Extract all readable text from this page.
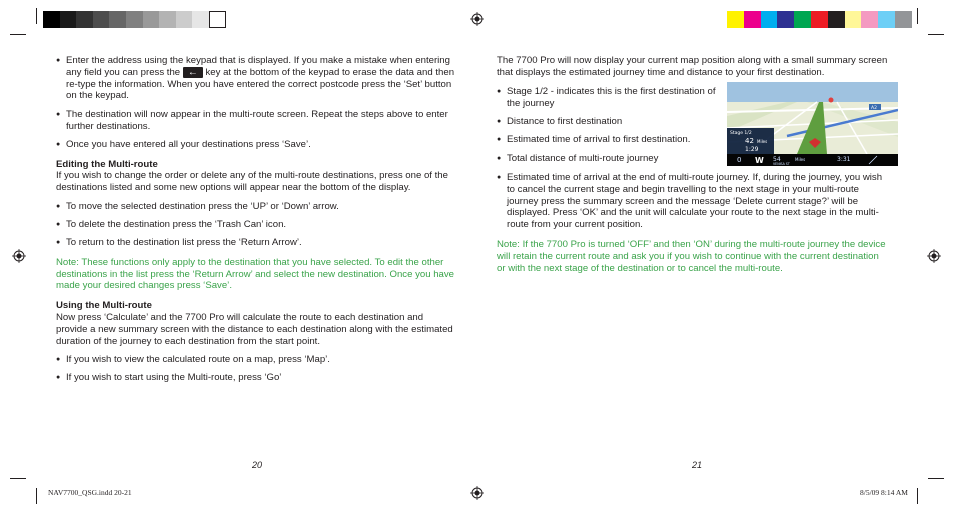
● Enter the address using the keypad that is displayed. If you make a mistake when entering any field you can press the ← key at the bottom of the keypad to erase the data and then re-type the information. When you have entered the correct postcode press the ‘Set’ button on the keypad.

● The destination will now appear in the multi-route screen. Repeat the steps above to enter further destinations.

● Once you have entered all your destinations press ‘Save’.

Editing the Multi-route

If you wish to change the order or delete any of the multi-route destinations, press one of the destinations listed and some new options will appear near the bottom of the display.

● To move the selected destination press the ‘UP’ or ‘Down’ arrow.

● To delete the destination press the ‘Trash Can’ icon.

● To return to the destination list press the ‘Return Arrow’.

Note: These functions only apply to the destination that you have selected. To edit the other destinations in the list press the ‘Return Arrow’ and select the new destination. Once you have made your desired changes press ‘Save’.

Using the Multi-route

Now press ‘Calculate’ and the 7700 Pro will calculate the route to each destination and provide a new summary screen with the distance to each destination along with the estimated duration of the journey to each destination from the start point.

● If you wish to view the calculated route on a map, press ‘Map’.

● If you wish to start using the Multi-route, press ‘Go’

20

The 7700 Pro will now display your current map position along with a small summary screen that displays the estimated journey time and distance to your first destination.

● Stage 1/2 - indicates this is the first destination of the journey

● Distance to first destination

● Estimated time of arrival to first destination.

● Total distance of multi-route journey

● Estimated time of arrival at the end of multi-route journey. If, during the journey, you wish to cancel the current stage and begin travelling to the next stage in your multi-route journey press the summary screen and the message ‘Delete current stage?’ will be displayed. Press ‘OK’ and the unit will calculate your route to the next stage in the multi-route from your current position.

Note: If the 7700 Pro is turned ‘OFF’ and then ‘ON’ during the multi-route journey the device will retain the current route and ask you if you wish to continue with the current destination or with the next stage of the destination or to cancel the multi-route.

21
A2
Stage 1/2
42 Miles
1:29
0 W 54
VENISA ST
Miles	3:31
NAV7700_QSG.indd 20-21	8/5/09 8:14 AM
